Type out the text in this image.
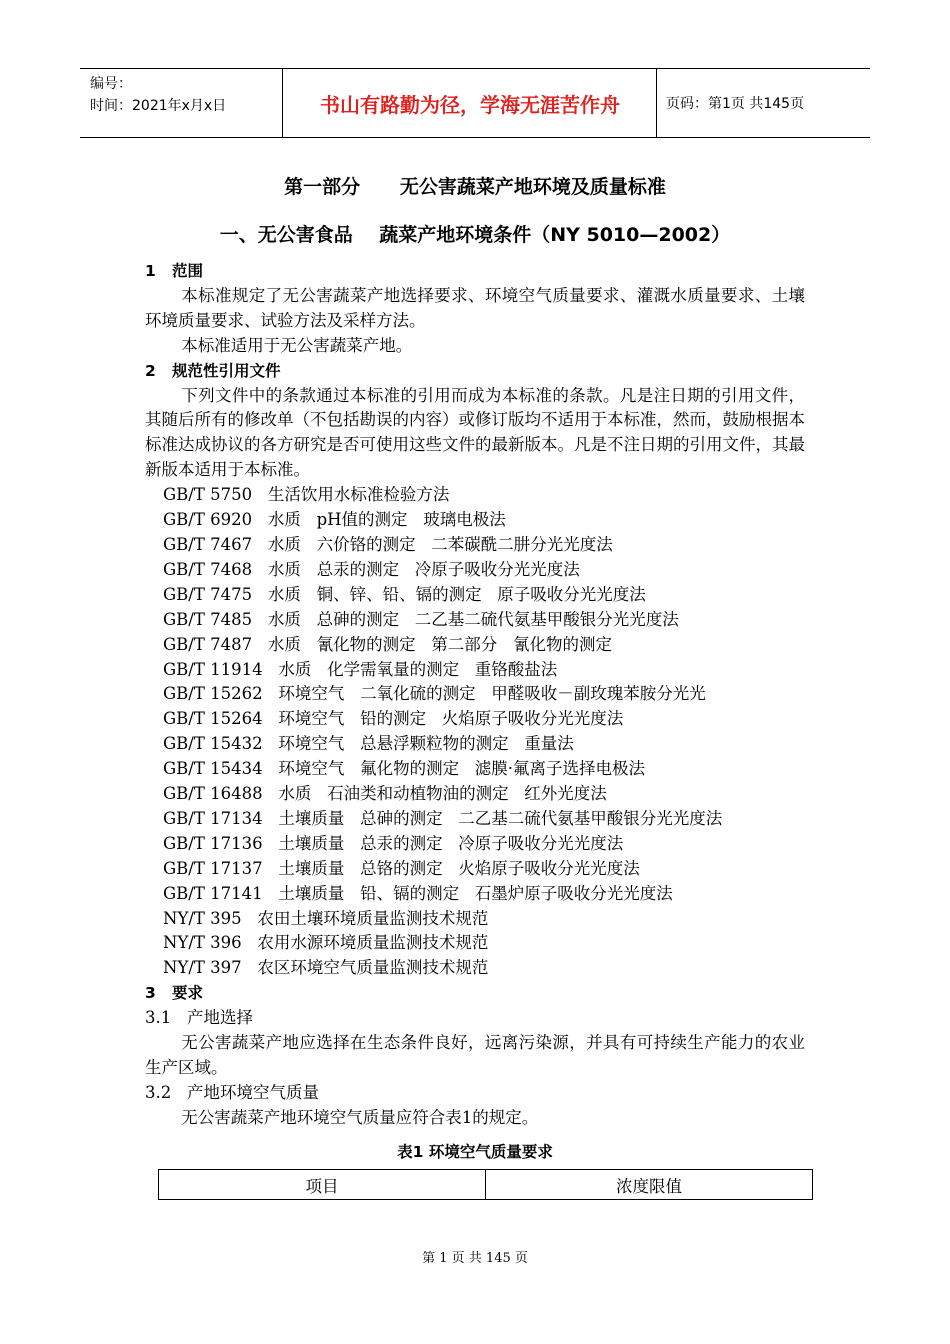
编号：
时间：2021年x月x日	书山有路勤为径，学海无涯苦作舟	页码：第1页 共145页
第一部分      无公害蔬菜产地环境及质量标准
一、无公害食品    蔬菜产地环境条件（NY 5010—2002）
1   范围
本标准规定了无公害蔬菜产地选择要求、环境空气质量要求、灌溉水质量要求、土壤环境质量要求、试验方法及采样方法。
本标准适用于无公害蔬菜产地。
2   规范性引用文件
下列文件中的条款通过本标准的引用而成为本标准的条款。凡是注日期的引用文件，其随后所有的修改单（不包括勘误的内容）或修订版均不适用于本标准，然而，鼓励根据本标准达成协议的各方研究是否可使用这些文件的最新版本。凡是不注日期的引用文件，其最新版本适用于本标准。
GB/T 5750   生活饮用水标准检验方法
GB/T 6920   水质   pH值的测定   玻璃电极法
GB/T 7467   水质   六价铬的测定   二苯碳酰二肼分光光度法
GB/T 7468   水质   总汞的测定   冷原子吸收分光光度法
GB/T 7475   水质   铜、锌、铅、镉的测定   原子吸收分光光度法
GB/T 7485   水质   总砷的测定   二乙基二硫代氨基甲酸银分光光度法
GB/T 7487   水质   氰化物的测定   第二部分   氰化物的测定
GB/T 11914   水质   化学需氧量的测定   重铬酸盐法
GB/T 15262   环境空气   二氧化硫的测定   甲醛吸收－副玫瑰苯胺分光光
GB/T 15264   环境空气   铅的测定   火焰原子吸收分光光度法
GB/T 15432   环境空气   总悬浮颗粒物的测定   重量法
GB/T 15434   环境空气   氟化物的测定   滤膜·氟离子选择电极法
GB/T 16488   水质   石油类和动植物油的测定   红外光度法
GB/T 17134   土壤质量   总砷的测定   二乙基二硫代氨基甲酸银分光光度法
GB/T 17136   土壤质量   总汞的测定   冷原子吸收分光光度法
GB/T 17137   土壤质量   总铬的测定   火焰原子吸收分光光度法
GB/T 17141   土壤质量   铅、镉的测定   石墨炉原子吸收分光光度法
NY/T 395   农田土壤环境质量监测技术规范
NY/T 396   农用水源环境质量监测技术规范
NY/T 397   农区环境空气质量监测技术规范
3   要求
3.1   产地选择
无公害蔬菜产地应选择在生态条件良好，远离污染源，并具有可持续生产能力的农业生产区域。
3.2   产地环境空气质量
无公害蔬菜产地环境空气质量应符合表1的规定。
表1 环境空气质量要求
项目	浓度限值
第 1 页 共 145 页
